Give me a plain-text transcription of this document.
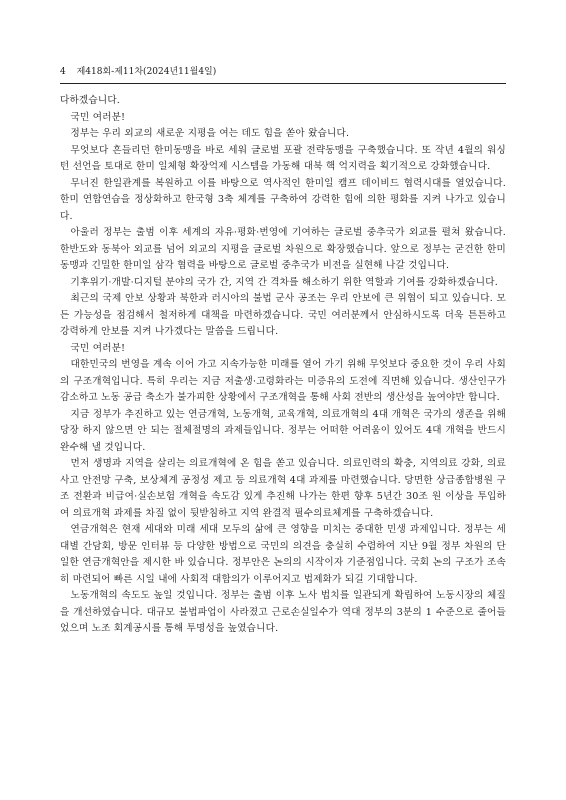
4 제418회-제11차(2024년11월4일)

다하겠습니다.

국민 여러분!

정부는 우리 외교의 새로운 지평을 여는 데도 힘을 쏟아 왔습니다.

무엇보다 흔들리던 한미동맹을 바로 세워 글로벌 포괄 전략동맹을 구축했습니다. 또 작년 4월의 워싱턴 선언을 토대로 한미 일체형 확장억제 시스템을 가동해 대북 핵 억지력을 획기적으로 강화했습니다.

무너진 한일관계를 복원하고 이를 바탕으로 역사적인 한미일 캠프 데이비드 협력시대를 열었습니다. 한미 연합연습을 정상화하고 한국형 3축 체계를 구축하여 강력한 힘에 의한 평화를 지켜 나가고 있습니다.

아울러 정부는 출범 이후 세계의 자유·평화·번영에 기여하는 글로벌 중추국가 외교를 펼쳐 왔습니다. 한반도와 동북아 외교를 넘어 외교의 지평을 글로벌 차원으로 확장했습니다. 앞으로 정부는 굳건한 한미동맹과 긴밀한 한미일 삼각 협력을 바탕으로 글로벌 중추국가 비전을 실현해 나갈 것입니다.

기후위기·개발·디지털 분야의 국가 간, 지역 간 격차를 해소하기 위한 역할과 기여를 강화하겠습니다.

최근의 국제 안보 상황과 북한과 러시아의 불법 군사 공조는 우리 안보에 큰 위협이 되고 있습니다. 모든 가능성을 점검해서 철저하게 대책을 마련하겠습니다. 국민 여러분께서 안심하시도록 더욱 튼튼하고 강력하게 안보를 지켜 나가겠다는 말씀을 드립니다.

국민 여러분!

대한민국의 번영을 계속 이어 가고 지속가능한 미래를 열어 가기 위해 무엇보다 중요한 것이 우리 사회의 구조개혁입니다. 특히 우리는 지금 저출생·고령화라는 미증유의 도전에 직면해 있습니다. 생산인구가 감소하고 노동 공급 축소가 불가피한 상황에서 구조개혁을 통해 사회 전반의 생산성을 높여야만 합니다.

지금 정부가 추진하고 있는 연금개혁, 노동개혁, 교육개혁, 의료개혁의 4대 개혁은 국가의 생존을 위해 당장 하지 않으면 안 되는 절체절명의 과제들입니다. 정부는 어떠한 어려움이 있어도 4대 개혁을 반드시 완수해 낼 것입니다.

먼저 생명과 지역을 살리는 의료개혁에 온 힘을 쏟고 있습니다. 의료인력의 확충, 지역의료 강화, 의료사고 안전망 구축, 보상체계 공정성 제고 등 의료개혁 4대 과제를 마련했습니다. 당면한 상급종합병원 구조 전환과 비급여·실손보험 개혁을 속도감 있게 추진해 나가는 한편 향후 5년간 30조 원 이상을 투입하여 의료개혁 과제를 차질 없이 뒷받침하고 지역 완결적 필수의료체계를 구축하겠습니다.

연금개혁은 현재 세대와 미래 세대 모두의 삶에 큰 영향을 미치는 중대한 민생 과제입니다. 정부는 세대별 간담회, 방문 인터뷰 등 다양한 방법으로 국민의 의견을 충실히 수렴하여 지난 9월 정부 차원의 단일한 연금개혁안을 제시한 바 있습니다. 정부안은 논의의 시작이자 기준점입니다. 국회 논의 구조가 조속히 마련되어 빠른 시일 내에 사회적 대합의가 이루어지고 법제화가 되길 기대합니다.

노동개혁의 속도도 높일 것입니다. 정부는 출범 이후 노사 법치를 일관되게 확립하여 노동시장의 체질을 개선하였습니다. 대규모 불법파업이 사라졌고 근로손실일수가 역대 정부의 3분의 1 수준으로 줄어들었으며 노조 회계공시를 통해 투명성을 높였습니다.
